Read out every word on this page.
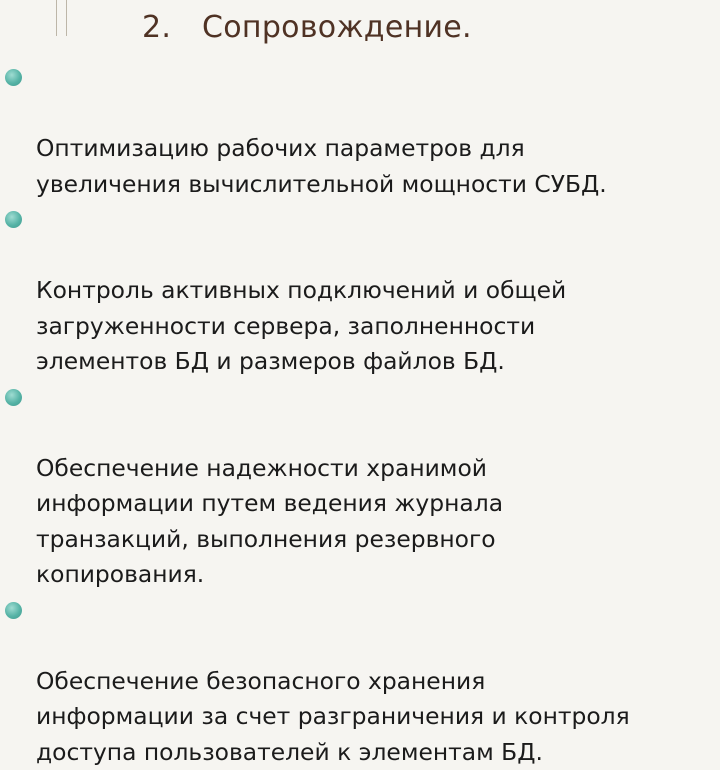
2. Сопровождение.

Оптимизацию рабочих параметров для
увеличения вычислительной мощности СУБД.

Контроль активных подключений и общей
загруженности сервера, заполненности
элементов БД и размеров файлов БД.

Обеспечение надежности хранимой
информации путем ведения журнала
транзакций, выполнения резервного
копирования.

Обеспечение безопасного хранения
информации за счет разграничения и контроля
доступа пользователей к элементам БД.
